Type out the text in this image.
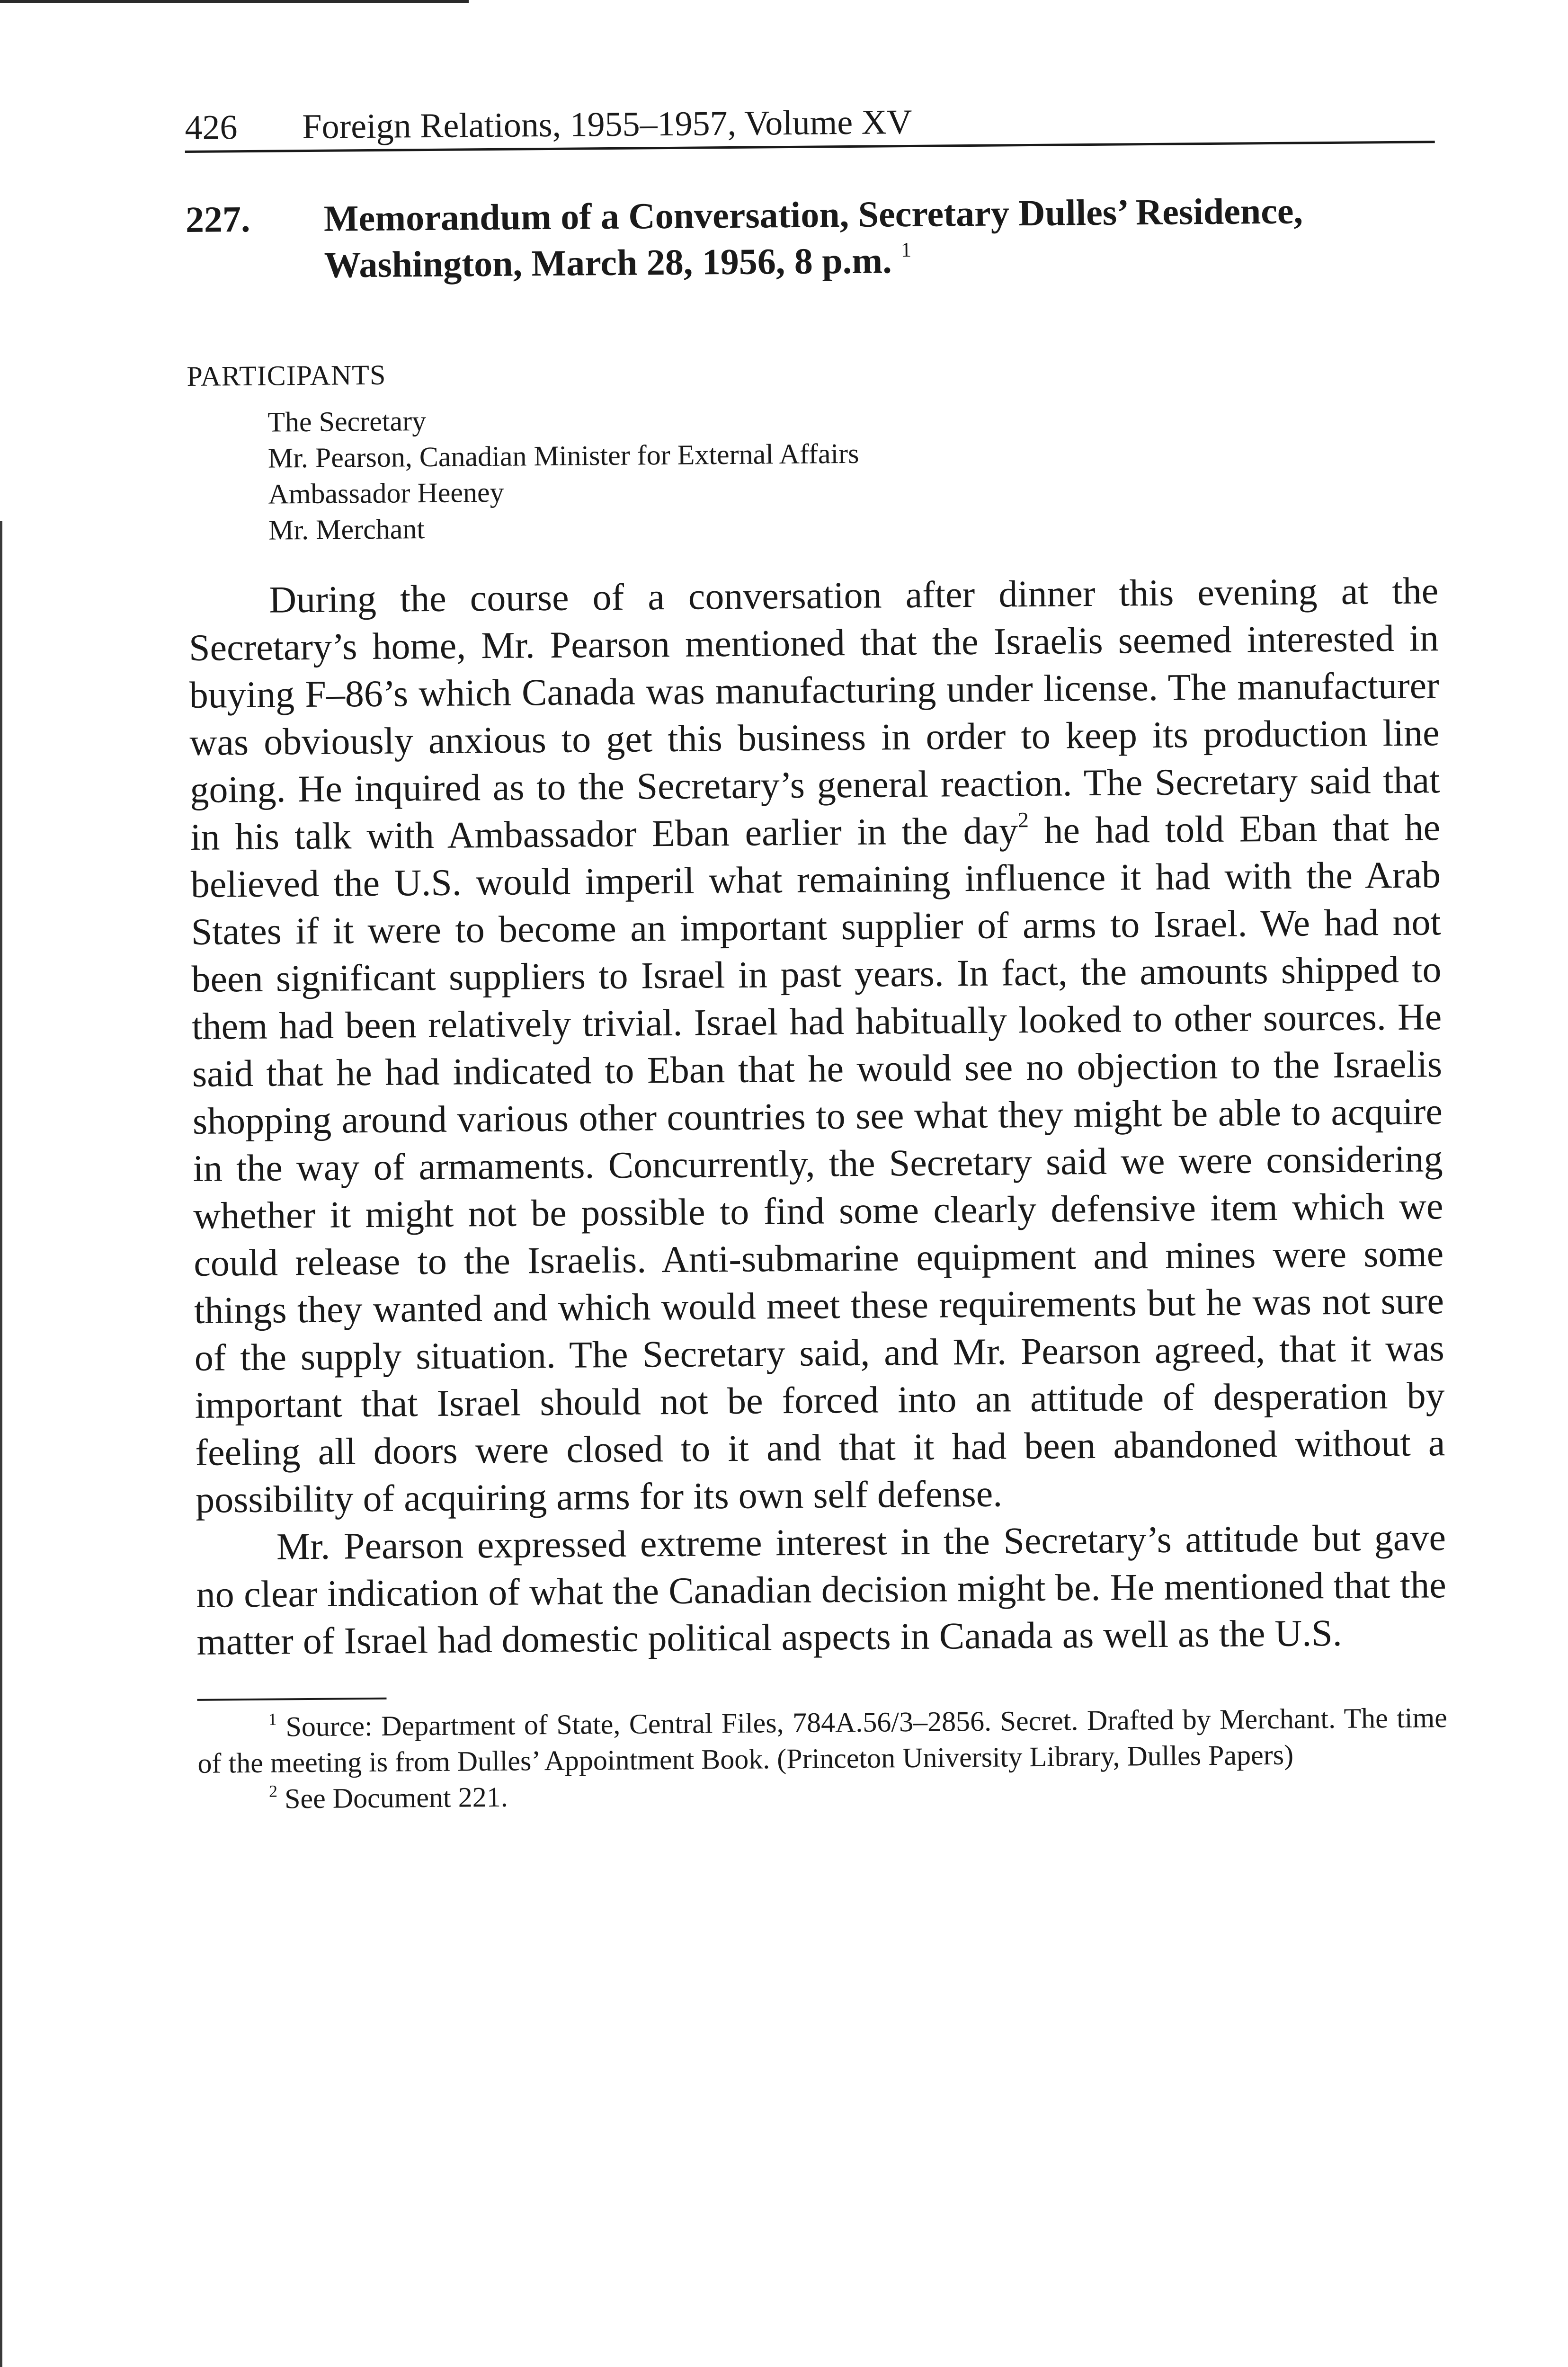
426 Foreign Relations, 1955–1957, Volume XV
227. Memorandum of a Conversation, Secretary Dulles’ Residence, Washington, March 28, 1956, 8 p.m. $^1$
PARTICIPANTS
The Secretary
Mr. Pearson, Canadian Minister for External Affairs
Ambassador Heeney
Mr. Merchant

During the course of a conversation after dinner this evening at the Secretary’s home, Mr. Pearson mentioned that the Israelis seemed interested in buying F–86’s which Canada was manufacturing under license. The manufacturer was obviously anxious to get this business in order to keep its production line going. He inquired as to the Secretary’s general reaction. The Secretary said that in his talk with Ambassador Eban earlier in the day$^2$ he had told Eban that he believed the U.S. would imperil what remaining influence it had with the Arab States if it were to become an important supplier of arms to Israel. We had not been significant suppliers to Israel in past years. In fact, the amounts shipped to them had been relatively trivial. Israel had habitually looked to other sources. He said that he had indicated to Eban that he would see no objection to the Israelis shopping around various other countries to see what they might be able to acquire in the way of armaments. Concurrently, the Secretary said we were considering whether it might not be possible to find some clearly defensive item which we could release to the Israelis. Anti-submarine equipment and mines were some things they wanted and which would meet these requirements but he was not sure of the supply situation. The Secretary said, and Mr. Pearson agreed, that it was important that Israel should not be forced into an attitude of desperation by feeling all doors were closed to it and that it had been abandoned without a possibility of acquiring arms for its own self defense.

Mr. Pearson expressed extreme interest in the Secretary’s attitude but gave no clear indication of what the Canadian decision might be. He mentioned that the matter of Israel had domestic political aspects in Canada as well as the U.S.

$^1$ Source: Department of State, Central Files, 784A.56/3–2856. Secret. Drafted by Merchant. The time of the meeting is from Dulles’ Appointment Book. (Princeton University Library, Dulles Papers)

$^2$ See Document 221.
